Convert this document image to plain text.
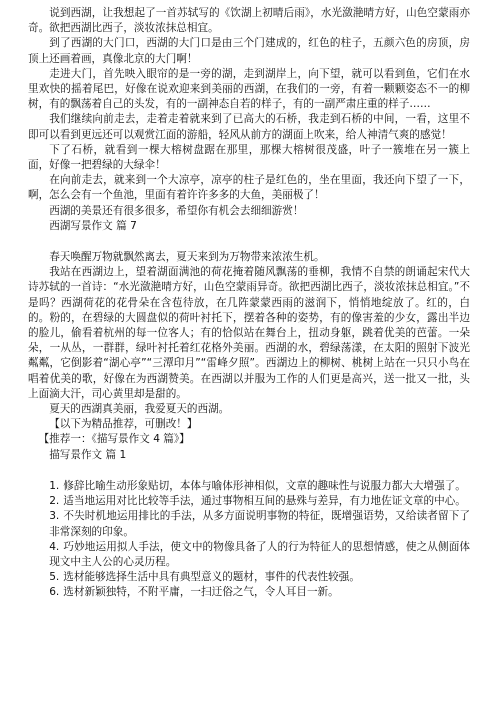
说到西湖，让我想起了一首苏轼写的《饮湖上初晴后雨》，水光潋滟晴方好，山色空蒙雨亦奇。欲把西湖比西子，淡妆浓抹总相宜。

到了西湖的大门口，西湖的大门口是由三个门建成的，红色的柱子，五颜六色的房顶，房顶上还画着画，真像北京的大门啊！

走进大门，首先映入眼帘的是一旁的湖，走到湖岸上，向下望，就可以看到鱼，它们在水里欢快的摇着尾巴，好像在说欢迎来到美丽的西湖，在我们的一旁，有着一颗颗姿态不一的柳树，有的飘荡着自己的头发，有的一副神态自若的样子，有的一副严肃庄重的样子……

我们继续向前走去，走着走着就来到了已高大的石桥，我走到石桥的中间，一看，这里不即可以看到更远还可以观赏江面的游船，轻风从前方的湖面上吹来，给人神清气爽的感觉！

下了石桥，就看到一棵大榕树盘踞在那里，那棵大榕树很茂盛，叶子一簇堆在另一簇上面，好像一把碧绿的大绿伞！

在向前走去，就来到一个大凉亭，凉亭的柱子是红色的，坐在里面，我还向下望了一下，啊，怎么会有一个鱼池，里面有着许许多多的大鱼，美丽极了！

西湖的美景还有很多很多，希望你有机会去细细游赏！

西湖写景作文 篇 7

春天唤醒万物就飘然离去，夏天来到为万物带来浓浓生机。

我站在西湖边上，望着湖面满池的荷花掩着随风飘荡的垂柳，我情不自禁的朗诵起宋代大诗苏轼的一首诗：“水光潋滟晴方好，山色空蒙雨异奇。欲把西湖比西子，淡妆浓抹总相宜。”不是吗？西湖荷花的花骨朵在含苞待放，在几阵蒙蒙西雨的滋润下，悄悄地绽放了。红的，白的。粉的，在碧绿的大圆盘似的荷叶衬托下，摆着各种的姿势，有的像害羞的少女，露出半边的脸儿，偷看着杭州的每一位客人；有的恰似站在舞台上，扭动身躯，跳着优美的芭蕾。一朵朵，一从丛，一群群，绿叶衬托着红花格外美丽。西湖的水，碧绿荡漾，在太阳的照射下波光粼粼，它倒影着“湖心亭”“三潭印月”“雷峰夕照”。西湖边上的柳树、桃树上站在一只只小鸟在唱着优美的歌，好像在为西湖赞美。在西湖以并服为工作的人们更是高兴，送一批又一批，头上面滴大汗，司心黄里却是甜的。

夏天的西湖真美丽，我爱夏天的西湖。

【以下为精品推荐，可删改！】

【推荐一：《描写景作文 4 篇》】

描写景作文 篇 1

1. 修辞比喻生动形象贴切，本体与喻体形神相似，文章的趣味性与说服力都大大增强了。

2. 适当地运用对比比较等手法，通过事物相互间的悬殊与差异，有力地佐证文章的中心。

3. 不失时机地运用排比的手法，从多方面说明事物的特征，既增强语势，又给读者留下了非常深刻的印象。

4. 巧妙地运用拟人手法，使文中的物像具备了人的行为特征人的思想情感，使之从侧面体现文中主人公的心灵历程。

5. 选材能够选择生活中具有典型意义的题材，事件的代表性较强。

6. 选材新颖独特，不附平庸，一扫迂俗之气，令人耳目一新。
